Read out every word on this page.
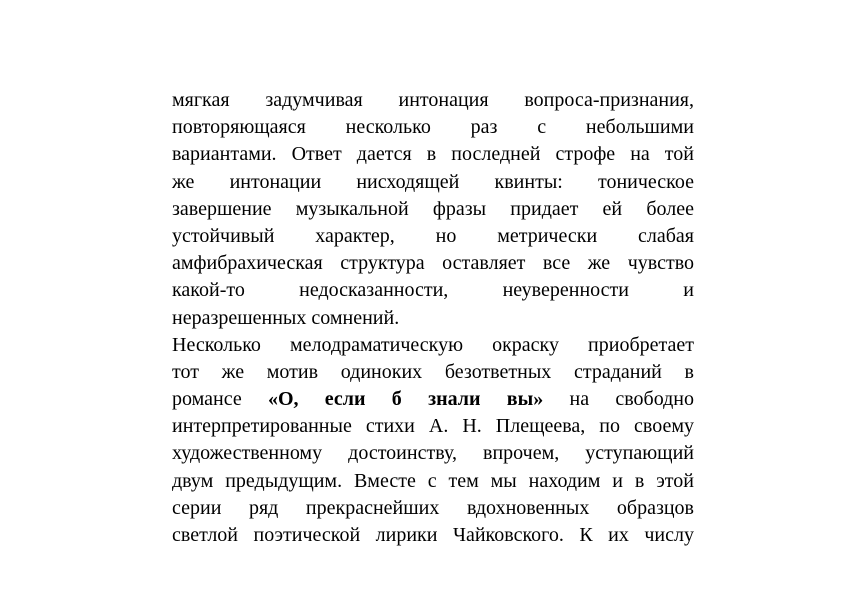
мягкая задумчивая интонация вопроса-признания,
повторяющаяся несколько раз с небольшими
вариантами. Ответ дается в последней строфе на той
же интонации нисходящей квинты: тоническое
завершение музыкальной фразы придает ей более
устойчивый характер, но метрически слабая
амфибрахическая структура оставляет все же чувство
какой-то недосказанности, неуверенности и
неразрешенных сомнений.
Несколько мелодраматическую окраску приобретает
тот же мотив одиноких безответных страданий в
романсе «О, если б знали вы» на свободно
интерпретированные стихи А. Н. Плещеева, по своему
художественному достоинству, впрочем, уступающий
двум предыдущим. Вместе с тем мы находим и в этой
серии ряд прекраснейших вдохновенных образцов
светлой поэтической лирики Чайковского. К их числу
